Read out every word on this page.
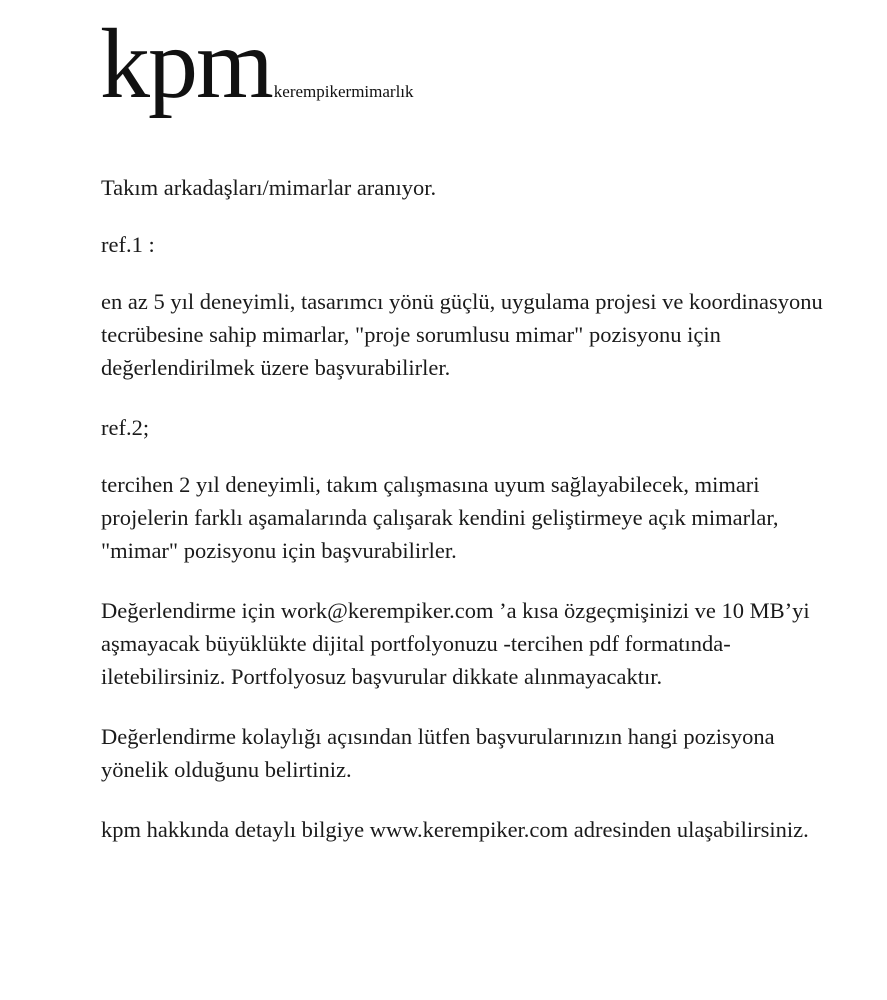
kpm kerempikermimarlık

Takım arkadaşları/mimarlar aranıyor.

ref.1 :

en az 5 yıl deneyimli, tasarımcı yönü güçlü, uygulama projesi ve koordinasyonu tecrübesine sahip mimarlar, "proje sorumlusu mimar" pozisyonu için değerlendirilmek üzere başvurabilirler.

ref.2;

tercihen 2 yıl deneyimli, takım çalışmasına uyum sağlayabilecek, mimari projelerin farklı aşamalarında çalışarak kendini geliştirmeye açık mimarlar, "mimar" pozisyonu için başvurabilirler.

Değerlendirme için work@kerempiker.com ’a kısa özgeçmişinizi ve 10 MB’yi aşmayacak büyüklükte dijital portfolyonuzu -tercihen pdf formatında- iletebilirsiniz. Portfolyosuz başvurular dikkate alınmayacaktır.

Değerlendirme kolaylığı açısından lütfen başvurularınızın hangi pozisyona yönelik olduğunu belirtiniz.

kpm hakkında detaylı bilgiye www.kerempiker.com adresinden ulaşabilirsiniz.
